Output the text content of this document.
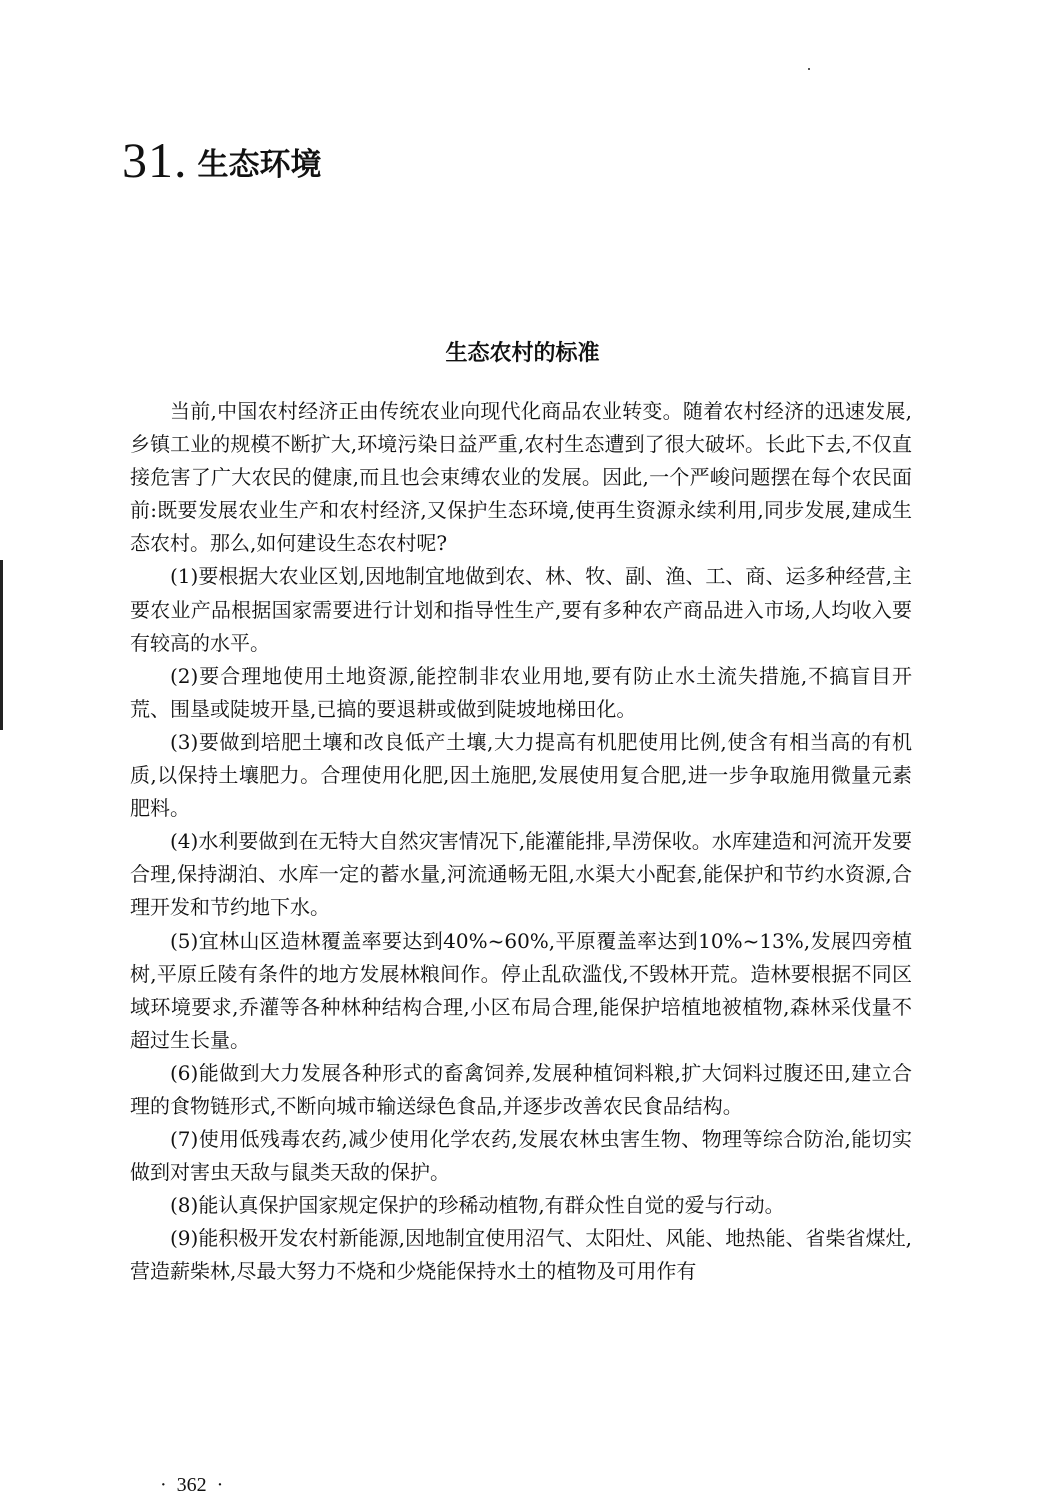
31. 生态环境
生态农村的标准

当前,中国农村经济正由传统农业向现代化商品农业转变。随着农村经济的迅速发展,乡镇工业的规模不断扩大,环境污染日益严重,农村生态遭到了很大破坏。长此下去,不仅直接危害了广大农民的健康,而且也会束缚农业的发展。因此,一个严峻问题摆在每个农民面前:既要发展农业生产和农村经济,又保护生态环境,使再生资源永续利用,同步发展,建成生态农村。那么,如何建设生态农村呢?

(1)要根据大农业区划,因地制宜地做到农、林、牧、副、渔、工、商、运多种经营,主要农业产品根据国家需要进行计划和指导性生产,要有多种农产商品进入市场,人均收入要有较高的水平。

(2)要合理地使用土地资源,能控制非农业用地,要有防止水土流失措施,不搞盲目开荒、围垦或陡坡开垦,已搞的要退耕或做到陡坡地梯田化。

(3)要做到培肥土壤和改良低产土壤,大力提高有机肥使用比例,使含有相当高的有机质,以保持土壤肥力。合理使用化肥,因土施肥,发展使用复合肥,进一步争取施用微量元素肥料。

(4)水利要做到在无特大自然灾害情况下,能灌能排,旱涝保收。水库建造和河流开发要合理,保持湖泊、水库一定的蓄水量,河流通畅无阻,水渠大小配套,能保护和节约水资源,合理开发和节约地下水。

(5)宜林山区造林覆盖率要达到40%~60%,平原覆盖率达到10%~13%,发展四旁植树,平原丘陵有条件的地方发展林粮间作。停止乱砍滥伐,不毁林开荒。造林要根据不同区域环境要求,乔灌等各种林种结构合理,小区布局合理,能保护培植地被植物,森林采伐量不超过生长量。

(6)能做到大力发展各种形式的畜禽饲养,发展种植饲料粮,扩大饲料过腹还田,建立合理的食物链形式,不断向城市输送绿色食品,并逐步改善农民食品结构。

(7)使用低残毒农药,减少使用化学农药,发展农林虫害生物、物理等综合防治,能切实做到对害虫天敌与鼠类天敌的保护。

(8)能认真保护国家规定保护的珍稀动植物,有群众性自觉的爱与行动。

(9)能积极开发农村新能源,因地制宜使用沼气、太阳灶、风能、地热能、省柴省煤灶,营造薪柴林,尽最大努力不烧和少烧能保持水土的植物及可用作有

· 362 ·
